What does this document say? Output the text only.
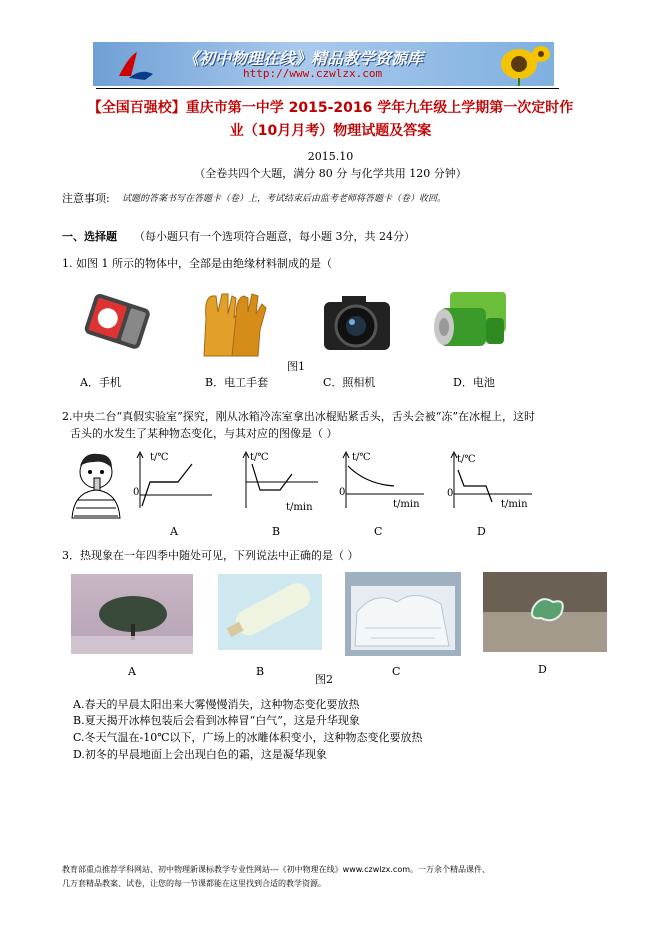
《初中物理在线》精品教学资源库
http://www.czwlzx.com
【全国百强校】重庆市第一中学 2015-2016 学年九年级上学期第一次定时作
业（10月月考）物理试题及答案
2015.10
（全卷共四个大题，满分 80 分 与化学共用 120 分钟）
注意事项: 试题的答案书写在答题卡（卷）上，考试结束后由监考老师将答题卡（卷）收回。
一、选择题 （每小题只有一个选项符合题意，每小题 3分，共 24分）
1. 如图 1 所示的物体中，全部是由绝缘材料制成的是（
图1
A．手机	B．电工手套	C．照相机	D．电池
2.中央二台“真假实验室”探究，刚从冰箱冷冻室拿出冰棍贴紧舌头，舌头会被“冻”在冰棍上，这时
舌头的水发生了某种物态变化，与其对应的图像是（ ）
t/℃
0
A
t/℃
t/min
B
t/℃
0
t/min
C
t/℃
0
t/min
D
3．热现象在一年四季中随处可见，下列说法中正确的是（ ）
A	B	C	D
图2
A.春天的早晨太阳出来大雾慢慢消失，这种物态变化要放热
B.夏天揭开冰棒包装后会看到冰棒冒“白气”，这是升华现象
C.冬天气温在-10℃以下，广场上的冰雕体积变小，这种物态变化要放热
D.初冬的早晨地面上会出现白色的霜，这是凝华现象
教育部重点推荐学科网站、初中物理新课标教学专业性网站---《初中物理在线》www.czwlzx.com。一万余个精品课件、
几万套精品教案、试卷，让您的每一节课都能在这里找到合适的教学资源。
